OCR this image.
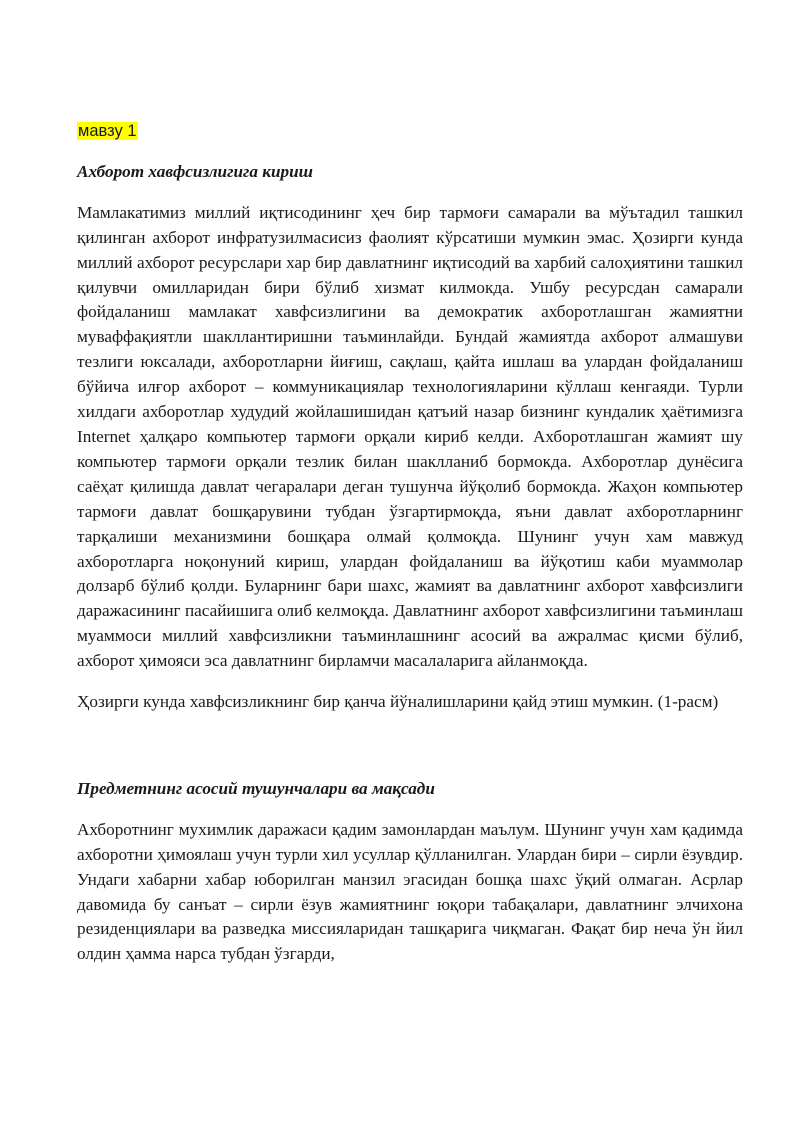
мавзу 1

Ахборот хавфсизлигига кириш

Мамлакатимиз миллий иқтисодининг ҳеч бир тармоғи самарали ва мўътадил ташкил қилинган ахборот инфратузилмасисиз фаолият кўрсатиши мумкин эмас. Ҳозирги кунда миллий ахборот ресурслари хар бир давлатнинг иқтисодий ва харбий салоҳиятини ташкил қилувчи омилларидан бири бўлиб хизмат килмокда. Ушбу ресурсдан самарали фойдаланиш мамлакат хавфсизлигини ва демократик ахборотлашган жамиятни муваффақиятли шакллантиришни таъминлайди. Бундай жамиятда ахборот алмашуви тезлиги юксалади, ахборотларни йиғиш, сақлаш, қайта ишлаш ва улардан фойдаланиш бўйича илғор ахборот – коммуникациялар технологияларини кўллаш кенгаяди. Турли хилдаги ахборотлар худудий жойлашишидан қатъий назар бизнинг кундалик ҳаётимизга Internet ҳалқаро компьютер тармоғи орқали кириб келди. Ахборотлашган жамият шу компьютер тармоғи орқали тезлик билан шаклланиб бормокда. Ахборотлар дунёсига саёҳат қилишда давлат чегаралари деган тушунча йўқолиб бормокда. Жаҳон компьютер тармоғи давлат бошқарувини тубдан ўзгартирмоқда, яъни давлат ахборотларнинг тарқалиши механизмини бошқара олмай қолмоқда. Шунинг учун хам мавжуд ахборотларга ноқонуний кириш, улардан фойдаланиш ва йўқотиш каби муаммолар долзарб бўлиб қолди. Буларнинг бари шахс, жамият ва давлатнинг ахборот хавфсизлиги даражасининг пасайишига олиб келмоқда. Давлатнинг ахборот хавфсизлигини таъминлаш муаммоси миллий хавфсизликни таъминлашнинг асосий ва ажралмас қисми бўлиб, ахборот ҳимояси эса давлатнинг бирламчи масалаларига айланмоқда.

Ҳозирги кунда хавфсизликнинг бир қанча йўналишларини қайд этиш мумкин. (1-расм)

Предметнинг асосий тушунчалари ва мақсади

Ахборотнинг мухимлик даражаси қадим замонлардан маълум. Шунинг учун хам қадимда ахборотни ҳимоялаш учун турли хил усуллар қўлланилган. Улардан бири – сирли ёзувдир. Ундаги хабарни хабар юборилган манзил эгасидан бошқа шахс ўқий олмаган. Асрлар давомида бу санъат – сирли ёзув жамиятнинг юқори табақалари, давлатнинг элчихона резиденциялари ва разведка миссияларидан ташқарига чиқмаган. Фақат бир неча ўн йил олдин ҳамма нарса тубдан ўзгарди,
